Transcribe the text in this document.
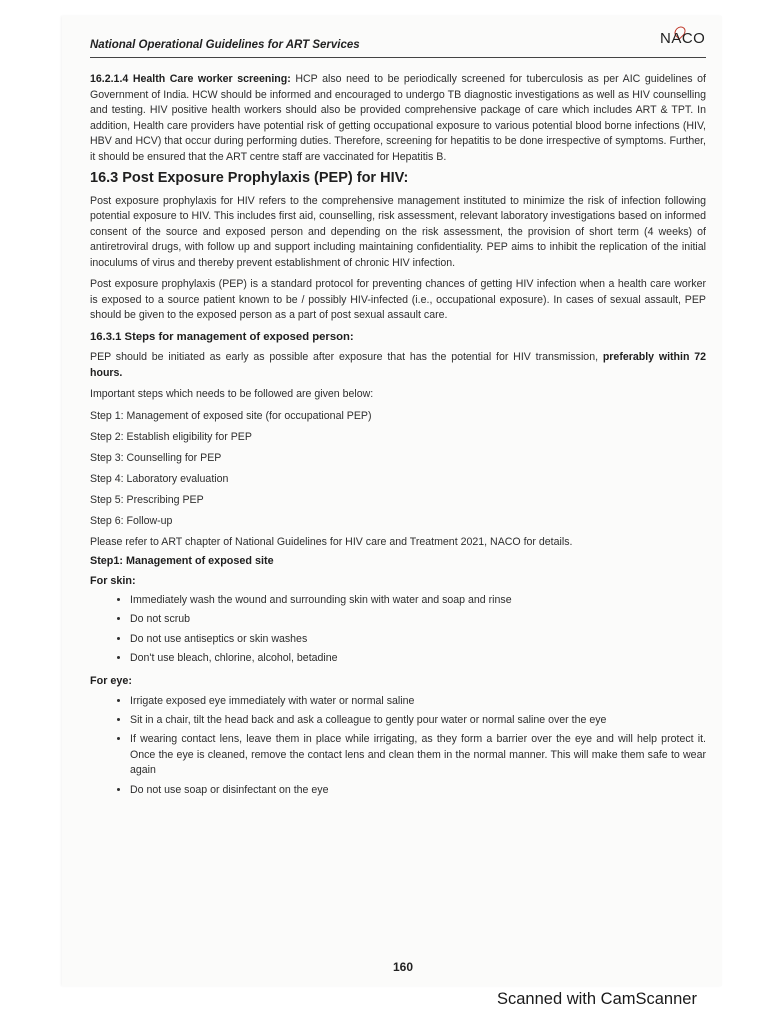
National Operational Guidelines for ART Services	NACO

16.2.1.4 Health Care worker screening: HCP also need to be periodically screened for tuberculosis as per AIC guidelines of Government of India. HCW should be informed and encouraged to undergo TB diagnostic investigations as well as HIV counselling and testing. HIV positive health workers should also be provided comprehensive package of care which includes ART & TPT. In addition, Health care providers have potential risk of getting occupational exposure to various potential blood borne infections (HIV, HBV and HCV) that occur during performing duties. Therefore, screening for hepatitis to be done irrespective of symptoms. Further, it should be ensured that the ART centre staff are vaccinated for Hepatitis B.

16.3 Post Exposure Prophylaxis (PEP) for HIV:

Post exposure prophylaxis for HIV refers to the comprehensive management instituted to minimize the risk of infection following potential exposure to HIV. This includes first aid, counselling, risk assessment, relevant laboratory investigations based on informed consent of the source and exposed person and depending on the risk assessment, the provision of short term (4 weeks) of antiretroviral drugs, with follow up and support including maintaining confidentiality. PEP aims to inhibit the replication of the initial inoculums of virus and thereby prevent establishment of chronic HIV infection.

Post exposure prophylaxis (PEP) is a standard protocol for preventing chances of getting HIV infection when a health care worker is exposed to a source patient known to be / possibly HIV-infected (i.e., occupational exposure). In cases of sexual assault, PEP should be given to the exposed person as a part of post sexual assault care.

16.3.1 Steps for management of exposed person:

PEP should be initiated as early as possible after exposure that has the potential for HIV transmission, preferably within 72 hours.

Important steps which needs to be followed are given below:

Step 1: Management of exposed site (for occupational PEP)
Step 2: Establish eligibility for PEP
Step 3: Counselling for PEP
Step 4: Laboratory evaluation
Step 5: Prescribing PEP
Step 6: Follow-up

Please refer to ART chapter of National Guidelines for HIV care and Treatment 2021, NACO for details.

Step1: Management of exposed site
For skin:
• Immediately wash the wound and surrounding skin with water and soap and rinse
• Do not scrub
• Do not use antiseptics or skin washes
• Don't use bleach, chlorine, alcohol, betadine
For eye:
• Irrigate exposed eye immediately with water or normal saline
• Sit in a chair, tilt the head back and ask a colleague to gently pour water or normal saline over the eye
• If wearing contact lens, leave them in place while irrigating, as they form a barrier over the eye and will help protect it. Once the eye is cleaned, remove the contact lens and clean them in the normal manner. This will make them safe to wear again
• Do not use soap or disinfectant on the eye
160
Scanned with CamScanner
